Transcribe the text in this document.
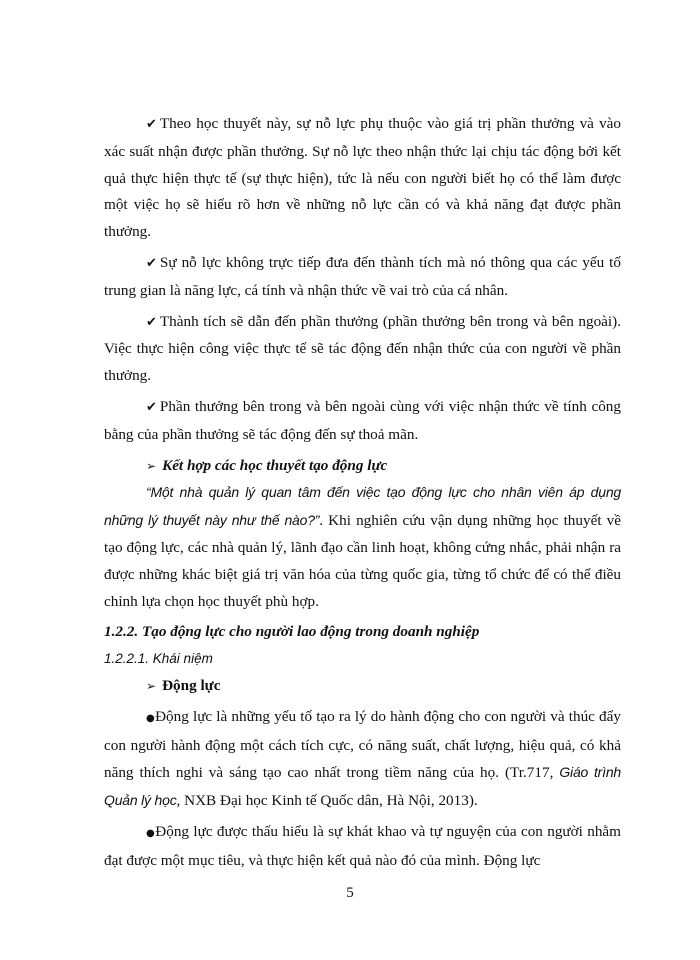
✔ Theo học thuyết này, sự nỗ lực phụ thuộc vào giá trị phần thưởng và vào xác suất nhận được phần thưởng. Sự nỗ lực theo nhận thức lại chịu tác động bởi kết quả thực hiện thực tế (sự thực hiện), tức là nếu con người biết họ có thể làm được một việc họ sẽ hiểu rõ hơn về những nỗ lực cần có và khả năng đạt được phần thưởng.

✔ Sự nỗ lực không trực tiếp đưa đến thành tích mà nó thông qua các yếu tố trung gian là năng lực, cá tính và nhận thức về vai trò của cá nhân.

✔ Thành tích sẽ dẫn đến phần thưởng (phần thưởng bên trong và bên ngoài). Việc thực hiện công việc thực tế sẽ tác động đến nhận thức của con người về phần thưởng.

✔ Phần thưởng bên trong và bên ngoài cùng với việc nhận thức về tính công bằng của phần thưởng sẽ tác động đến sự thoả mãn.

➢ Kết hợp các học thuyết tạo động lực

“Một nhà quản lý quan tâm đến việc tạo động lực cho nhân viên áp dụng những lý thuyết này như thế nào?”. Khi nghiên cứu vận dụng những học thuyết về tạo động lực, các nhà quản lý, lãnh đạo cần linh hoạt, không cứng nhắc, phải nhận ra được những khác biệt giá trị văn hóa của từng quốc gia, từng tổ chức để có thể điều chỉnh lựa chọn học thuyết phù hợp.

1.2.2. Tạo động lực cho người lao động trong doanh nghiệp

1.2.2.1. Khái niệm

➢ Động lực

●Động lực là những yếu tố tạo ra lý do hành động cho con người và thúc đẩy con người hành động một cách tích cực, có năng suất, chất lượng, hiệu quả, có khả năng thích nghi và sáng tạo cao nhất trong tiềm năng của họ. (Tr.717, Giáo trình Quản lý học, NXB Đại học Kinh tế Quốc dân, Hà Nội, 2013).

●Động lực được thấu hiểu là sự khát khao và tự nguyện của con người nhằm đạt được một mục tiêu, và thực hiện kết quả nào đó của mình. Động lực

5
